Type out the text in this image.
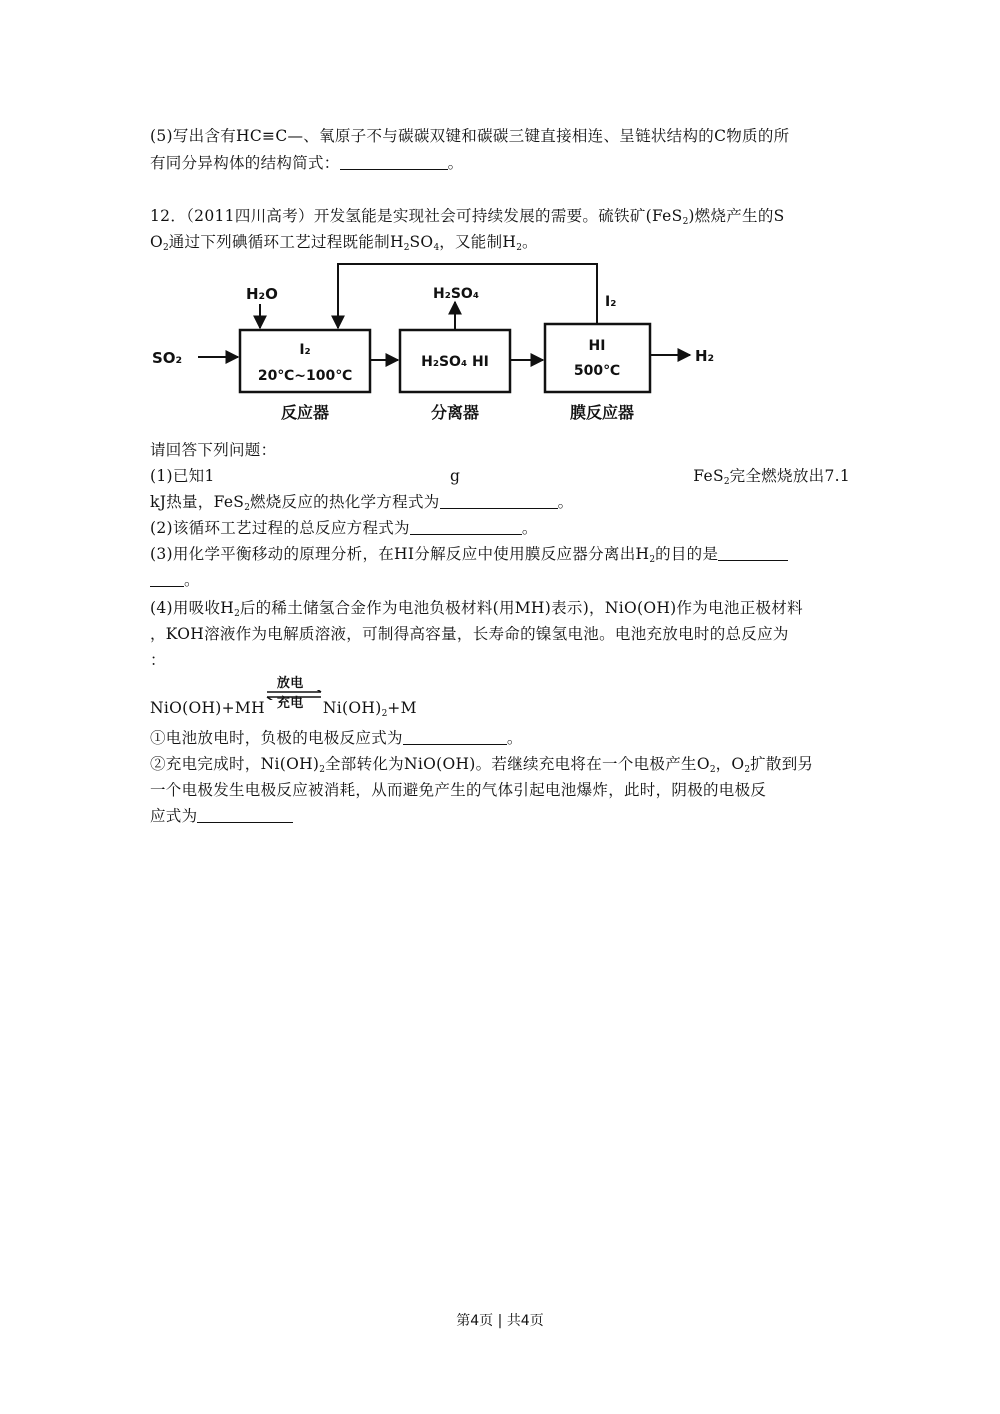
(5)写出含有HC≡C—、氧原子不与碳碳双键和碳碳三键直接相连、呈链状结构的C物质的所
有同分异构体的结构简式：	。
12．（2011四川高考）开发氢能是实现社会可持续发展的需要。硫铁矿(FeS$_2$)燃烧产生的S
$O_2$通过下列碘循环工艺过程既能制$H_2SO_4$，又能制$H_2$。
SO₂
H₂O
I₂
20℃~100℃
H₂SO₄ HI
H₂SO₄
HI
500℃
I₂
H₂
反应器	分离器	膜反应器
请回答下列问题：
(1)已知1	g	FeS$_2$完全燃烧放出7.1
kJ热量，FeS$_2$燃烧反应的热化学方程式为	。
(2)该循环工艺过程的总反应方程式为	。
(3)用化学平衡移动的原理分析，在HI分解反应中使用膜反应器分离出$H_2$的目的是
。
(4)用吸收$H_2$后的稀土储氢合金作为电池负极材料(用MH)表示)，NiO(OH)作为电池正极材料
，KOH溶液作为电解质溶液，可制得高容量，长寿命的镍氢电池。电池充放电时的总反应为
：
NiO(OH)+MH
放电
充电 $Ni(OH)_2+M$
①电池放电时，负极的电极反应式为	。
②充电完成时，$Ni(OH)_2$全部转化为NiO(OH)。若继续充电将在一个电极产生$O_2$，$O_2$扩散到另
一个电极发生电极反应被消耗，从而避免产生的气体引起电池爆炸，此时，阴极的电极反
应式为
第4页 | 共4页
